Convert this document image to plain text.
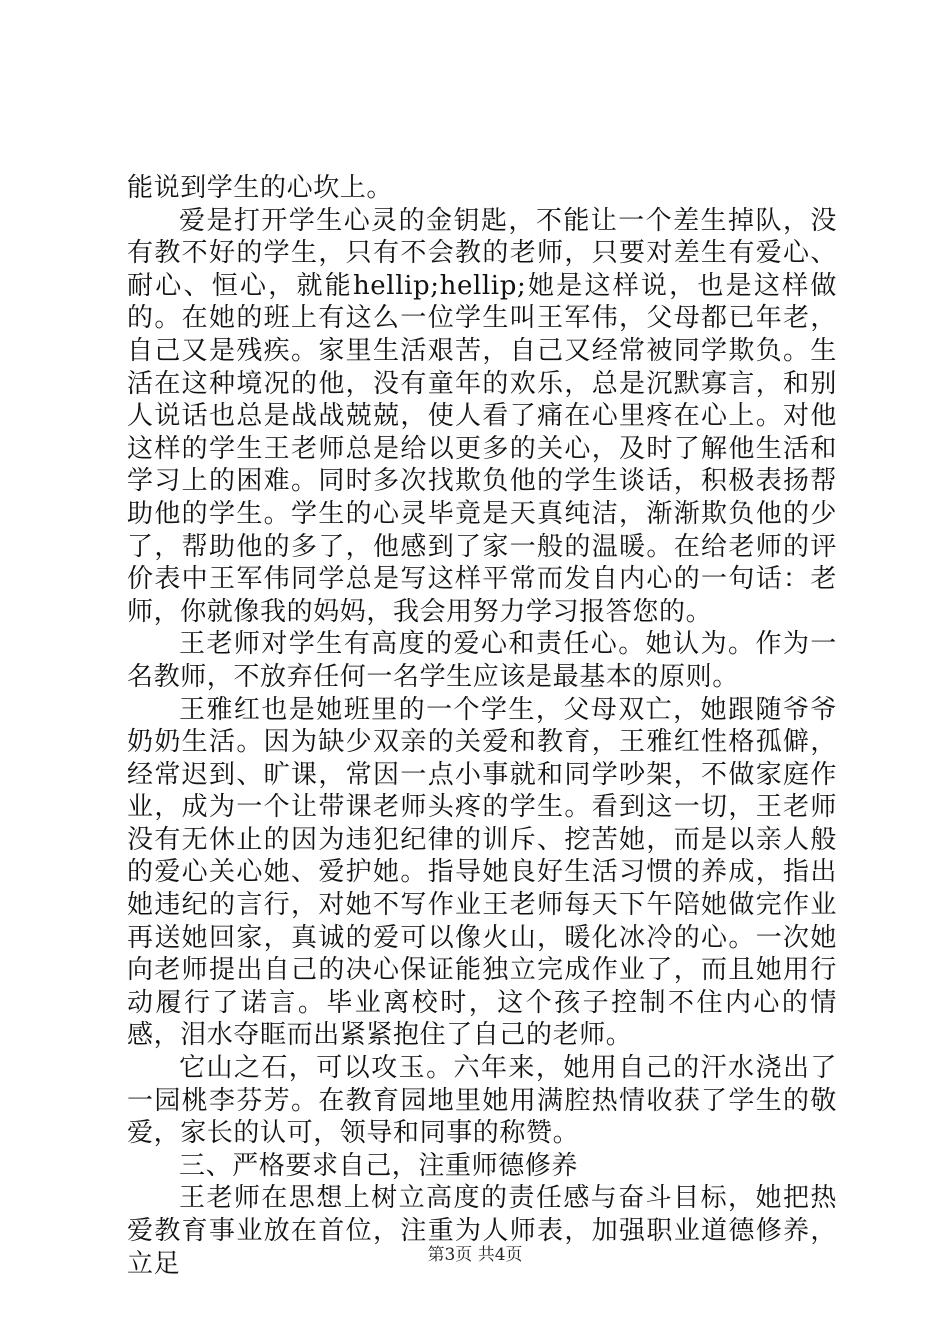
能说到学生的心坎上。

爱是打开学生心灵的金钥匙，不能让一个差生掉队，没有教不好的学生，只有不会教的老师，只要对差生有爱心、耐心、恒心，就能hellip;hellip;她是这样说，也是这样做的。在她的班上有这么一位学生叫王军伟，父母都已年老，自己又是残疾。家里生活艰苦，自己又经常被同学欺负。生活在这种境况的他，没有童年的欢乐，总是沉默寡言，和别人说话也总是战战兢兢，使人看了痛在心里疼在心上。对他这样的学生王老师总是给以更多的关心，及时了解他生活和学习上的困难。同时多次找欺负他的学生谈话，积极表扬帮助他的学生。学生的心灵毕竟是天真纯洁，渐渐欺负他的少了，帮助他的多了，他感到了家一般的温暖。在给老师的评价表中王军伟同学总是写这样平常而发自内心的一句话：老师，你就像我的妈妈，我会用努力学习报答您的。

王老师对学生有高度的爱心和责任心。她认为。作为一名教师，不放弃任何一名学生应该是最基本的原则。

王雅红也是她班里的一个学生，父母双亡，她跟随爷爷奶奶生活。因为缺少双亲的关爱和教育，王雅红性格孤僻，经常迟到、旷课，常因一点小事就和同学吵架，不做家庭作业，成为一个让带课老师头疼的学生。看到这一切，王老师没有无休止的因为违犯纪律的训斥、挖苦她，而是以亲人般的爱心关心她、爱护她。指导她良好生活习惯的养成，指出她违纪的言行，对她不写作业王老师每天下午陪她做完作业再送她回家，真诚的爱可以像火山，暖化冰冷的心。一次她向老师提出自己的决心保证能独立完成作业了，而且她用行动履行了诺言。毕业离校时，这个孩子控制不住内心的情感，泪水夺眶而出紧紧抱住了自己的老师。

它山之石，可以攻玉。六年来，她用自己的汗水浇出了一园桃李芬芳。在教育园地里她用满腔热情收获了学生的敬爱，家长的认可，领导和同事的称赞。

三、严格要求自己，注重师德修养

王老师在思想上树立高度的责任感与奋斗目标，她把热爱教育事业放在首位，注重为人师表，加强职业道德修养，立足	第3页 共4页
